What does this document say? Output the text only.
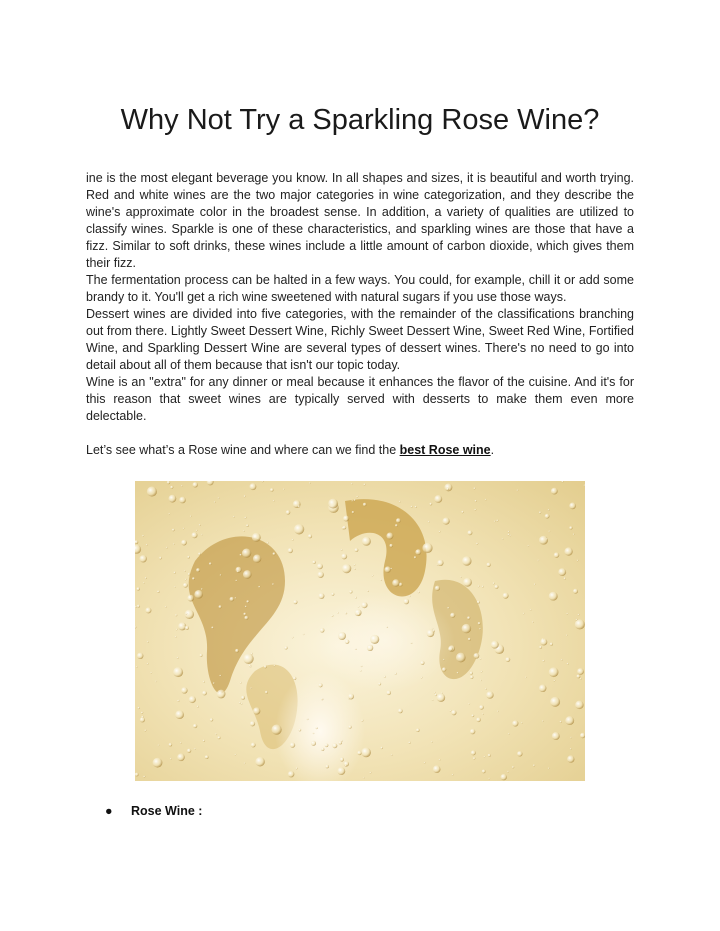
Why Not Try a Sparkling Rose Wine?

ine is the most elegant beverage you know. In all shapes and sizes, it is beautiful and worth trying. Red and white wines are the two major categories in wine categorization, and they describe the wine's approximate color in the broadest sense. In addition, a variety of qualities are utilized to classify wines. Sparkle is one of these characteristics, and sparkling wines are those that have a fizz. Similar to soft drinks, these wines include a little amount of carbon dioxide, which gives them their fizz.

The fermentation process can be halted in a few ways. You could, for example, chill it or add some brandy to it. You'll get a rich wine sweetened with natural sugars if you use those ways.

Dessert wines are divided into five categories, with the remainder of the classifications branching out from there. Lightly Sweet Dessert Wine, Richly Sweet Dessert Wine, Sweet Red Wine, Fortified Wine, and Sparkling Dessert Wine are several types of dessert wines. There's no need to go into detail about all of them because that isn't our topic today.

Wine is an "extra" for any dinner or meal because it enhances the flavor of the cuisine. And it's for this reason that sweet wines are typically served with desserts to make them even more delectable.

Let’s see what’s a Rose wine and where can we find the best Rose wine.

● Rose Wine :
